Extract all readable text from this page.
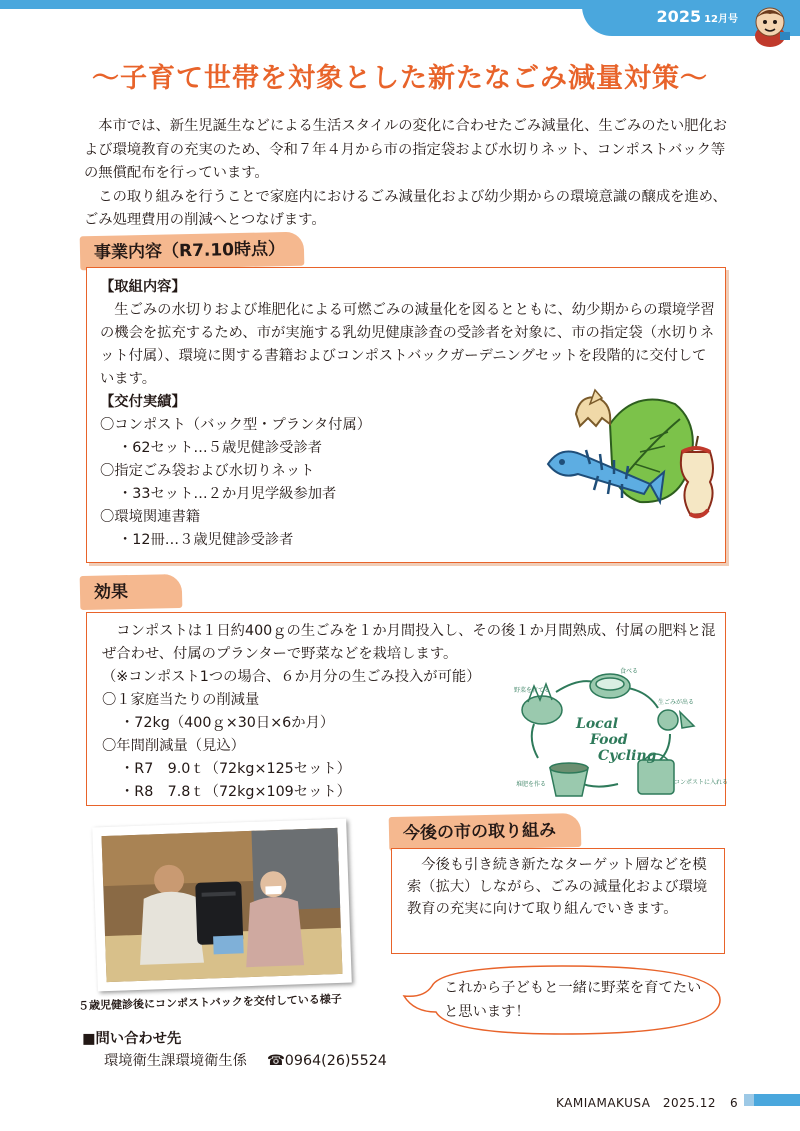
2025 12月号
～子育て世帯を対象とした新たなごみ減量対策～

本市では、新生児誕生などによる生活スタイルの変化に合わせたごみ減量化、生ごみのたい肥化および環境教育の充実のため、令和７年４月から市の指定袋および水切りネット、コンポストバック等の無償配布を行っています。

この取り組みを行うことで家庭内におけるごみ減量化および幼少期からの環境意識の醸成を進め、ごみ処理費用の削減へとつなげます。

事業内容（R7.10時点）
【取組内容】
生ごみの水切りおよび堆肥化による可燃ごみの減量化を図るとともに、幼少期からの環境学習の機会を拡充するため、市が実施する乳幼児健康診査の受診者を対象に、市の指定袋（水切りネット付属）、環境に関する書籍およびコンポストバックガーデニングセットを段階的に交付しています。
【交付実績】
〇コンポスト（バック型・プランタ付属）
・62セット…５歳児健診受診者
〇指定ごみ袋および水切りネット
・33セット…２か月児学級参加者
〇環境関連書籍
・12冊…３歳児健診受診者
効果
コンポストは１日約400ｇの生ごみを１か月間投入し、その後１か月間熟成、付属の肥料と混ぜ合わせ、付属のプランターで野菜などを栽培します。
（※コンポスト1つの場合、６か月分の生ごみ投入が可能）
〇１家庭当たりの削減量
・72kg（400ｇ×30日×6か月）
〇年間削減量（見込）
・R7　9.0ｔ（72kg×125セット）
・R8　7.8ｔ（72kg×109セット）
Local
Food
Cycling
野菜を育てる
食べる
生ごみが出る
コンポストに入れる
堆肥を作る
５歳児健診後にコンポストバックを交付している様子
今後の市の取り組み
今後も引き続き新たなターゲット層などを模索（拡大）しながら、ごみの減量化および環境教育の充実に向けて取り組んでいきます。
これから子どもと一緒に野菜を育てたいと思います！
■問い合わせ先
環境衛生課環境衛生係 ☎0964(26)5524
KAMIAMAKUSA　2025.12 6
